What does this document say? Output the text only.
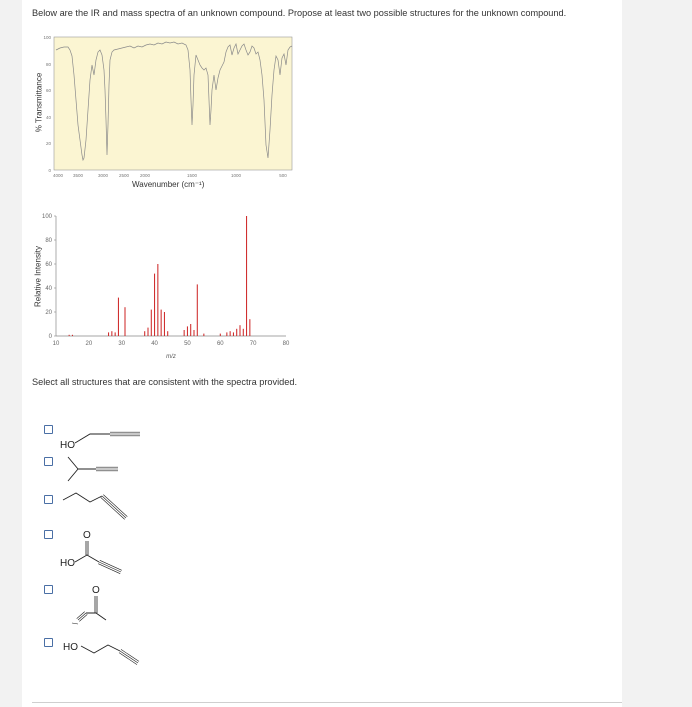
Below are the IR and mass spectra of an unknown compound. Propose at least two possible structures for the unknown compound.
% Transmittance
100
80
60
40
20
0
4000 3500	3000 2500 2000	1500	1000	500
Wavenumber (cm⁻¹)
Relative Intensity
100
80
60
40
20
0
10	20	30	40	50	60	70	80
m/z
Select all structures that are consistent with the spectra provided.
HO
HO
O
O
HO
